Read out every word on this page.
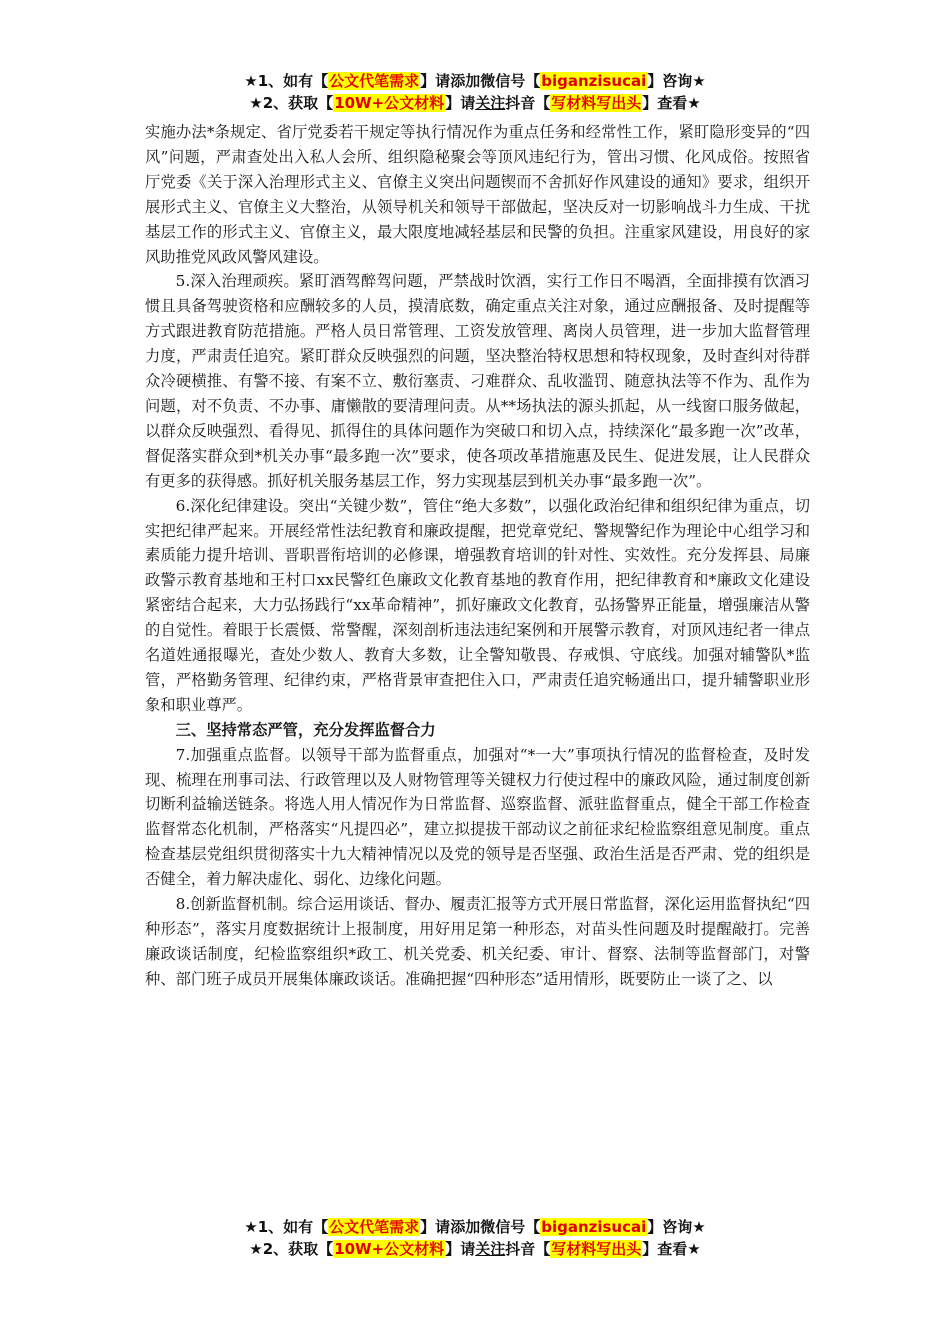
★1、如有【公文代笔需求】请添加微信号【biganzisucai】咨询★
★2、获取【10W+公文材料】请关注抖音【写材料写出头】查看★

实施办法*条规定、省厅党委若干规定等执行情况作为重点任务和经常性工作，紧盯隐形变异的“四风”问题，严肃查处出入私人会所、组织隐秘聚会等顶风违纪行为，管出习惯、化风成俗。按照省厅党委《关于深入治理形式主义、官僚主义突出问题锲而不舍抓好作风建设的通知》要求，组织开展形式主义、官僚主义大整治，从领导机关和领导干部做起，坚决反对一切影响战斗力生成、干扰基层工作的形式主义、官僚主义，最大限度地减轻基层和民警的负担。注重家风建设，用良好的家风助推党风政风警风建设。

5.深入治理顽疾。紧盯酒驾醉驾问题，严禁战时饮酒，实行工作日不喝酒，全面排摸有饮酒习惯且具备驾驶资格和应酬较多的人员，摸清底数，确定重点关注对象，通过应酬报备、及时提醒等方式跟进教育防范措施。严格人员日常管理、工资发放管理、离岗人员管理，进一步加大监督管理力度，严肃责任追究。紧盯群众反映强烈的问题，坚决整治特权思想和特权现象，及时查纠对待群众冷硬横推、有警不接、有案不立、敷衍塞责、刁难群众、乱收滥罚、随意执法等不作为、乱作为问题，对不负责、不办事、庸懒散的要清理问责。从**场执法的源头抓起，从一线窗口服务做起，以群众反映强烈、看得见、抓得住的具体问题作为突破口和切入点，持续深化“最多跑一次”改革，督促落实群众到*机关办事“最多跑一次”要求，使各项改革措施惠及民生、促进发展，让人民群众有更多的获得感。抓好机关服务基层工作，努力实现基层到机关办事“最多跑一次”。

6.深化纪律建设。突出“关键少数”，管住“绝大多数”，以强化政治纪律和组织纪律为重点，切实把纪律严起来。开展经常性法纪教育和廉政提醒，把党章党纪、警规警纪作为理论中心组学习和素质能力提升培训、晋职晋衔培训的必修课，增强教育培训的针对性、实效性。充分发挥县、局廉政警示教育基地和王村口xx民警红色廉政文化教育基地的教育作用，把纪律教育和*廉政文化建设紧密结合起来，大力弘扬践行“xx革命精神”，抓好廉政文化教育，弘扬警界正能量，增强廉洁从警的自觉性。着眼于长震慑、常警醒，深刻剖析违法违纪案例和开展警示教育，对顶风违纪者一律点名道姓通报曝光，查处少数人、教育大多数，让全警知敬畏、存戒惧、守底线。加强对辅警队*监管，严格勤务管理、纪律约束，严格背景审查把住入口，严肃责任追究畅通出口，提升辅警职业形象和职业尊严。

三、坚持常态严管，充分发挥监督合力

7.加强重点监督。以领导干部为监督重点，加强对“*一大”事项执行情况的监督检查，及时发现、梳理在刑事司法、行政管理以及人财物管理等关键权力行使过程中的廉政风险，通过制度创新切断利益输送链条。将选人用人情况作为日常监督、巡察监督、派驻监督重点，健全干部工作检查监督常态化机制，严格落实“凡提四必”，建立拟提拔干部动议之前征求纪检监察组意见制度。重点检查基层党组织贯彻落实十九大精神情况以及党的领导是否坚强、政治生活是否严肃、党的组织是否健全，着力解决虚化、弱化、边缘化问题。

8.创新监督机制。综合运用谈话、督办、履责汇报等方式开展日常监督，深化运用监督执纪“四种形态”，落实月度数据统计上报制度，用好用足第一种形态，对苗头性问题及时提醒敲打。完善廉政谈话制度，纪检监察组织*政工、机关党委、机关纪委、审计、督察、法制等监督部门，对警种、部门班子成员开展集体廉政谈话。准确把握“四种形态”适用情形，既要防止一谈了之、以

★1、如有【公文代笔需求】请添加微信号【biganzisucai】咨询★
★2、获取【10W+公文材料】请关注抖音【写材料写出头】查看★
